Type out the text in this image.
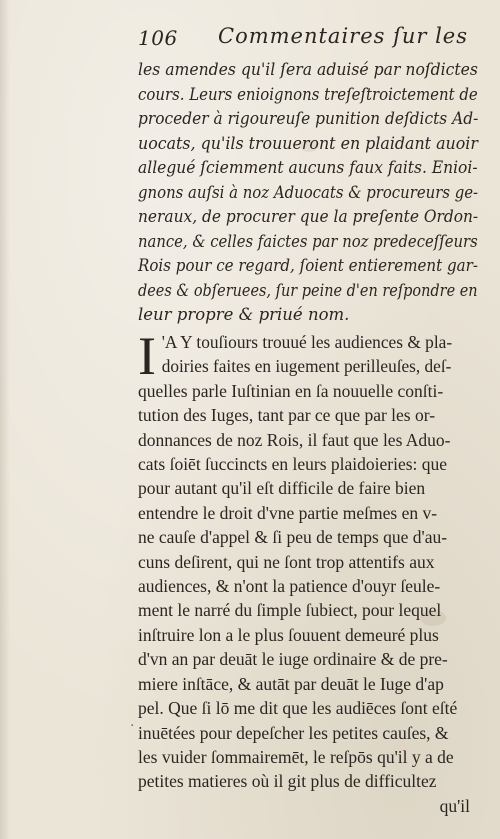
106 Commentaires ſur les
les amendes qu'il ſera aduisé par noſdictes
cours. Leurs enioignons treſeſtroictement de
proceder à rigoureuſe punition deſdicts Ad-
uocats, qu'ils trouueront en plaidant auoir
allegué ſciemment aucuns faux faits. Enioi-
gnons auſsi à noz Aduocats & procureurs ge-
neraux, de procurer que la preſente Ordon-
nance, & celles faictes par noz predeceſſeurs
Rois pour ce regard, ſoient entierement gar-
dees & obſeruees, ſur peine d'en reſpondre en
leur propre & priué nom.
I 'A Y touſiours trouué les audiences & pla-
doiries faites en iugement perilleuſes, deſ-
quelles parle Iuſtinian en ſa nouuelle conſti-
tution des Iuges, tant par ce que par les or-
donnances de noz Rois, il faut que les Aduo-
cats ſoiēt ſuccincts en leurs plaidoieries: que
pour autant qu'il eſt difficile de faire bien
entendre le droit d'vne partie meſmes en v-
ne cauſe d'appel & ſi peu de temps que d'au-
cuns deſirent, qui ne ſont trop attentifs aux
audiences, & n'ont la patience d'ouyr ſeule-
ment le narré du ſimple ſubiect, pour lequel
inſtruire lon a le plus ſouuent demeuré plus
d'vn an par deuāt le iuge ordinaire & de pre-
miere inſtāce, & autāt par deuāt le Iuge d'ap
pel. Que ſi lō me dit que les audiēces ſont eſté
inuētées pour depeſcher les petites cauſes, &
les vuider ſommairemēt, le reſpōs qu'il y a de
petites matieres où il git plus de difficultez
qu'il
·
